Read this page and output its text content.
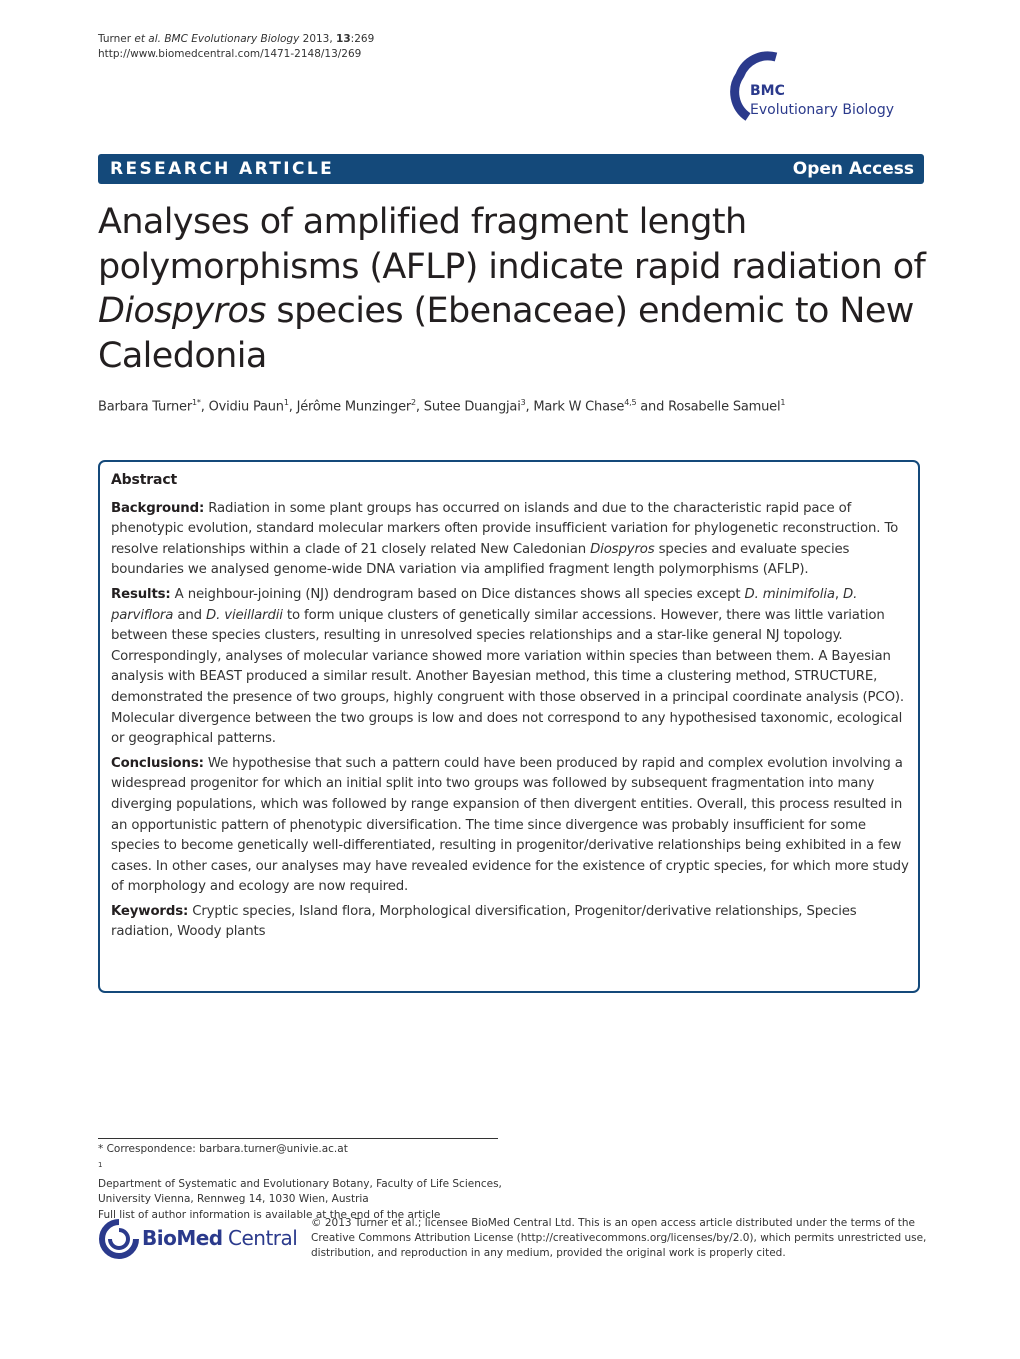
Turner et al. BMC Evolutionary Biology 2013, 13:269
http://www.biomedcentral.com/1471-2148/13/269
BMC
Evolutionary Biology
RESEARCH ARTICLE	Open Access
Analyses of amplified fragment length polymorphisms (AFLP) indicate rapid radiation of Diospyros species (Ebenaceae) endemic to New Caledonia
Barbara Turner$^{1*}$, Ovidiu Paun$^1$, Jérôme Munzinger$^2$, Sutee Duangjai$^3$, Mark W Chase$^{4,5}$ and Rosabelle Samuel$^1$
Abstract

Background: Radiation in some plant groups has occurred on islands and due to the characteristic rapid pace of phenotypic evolution, standard molecular markers often provide insufficient variation for phylogenetic reconstruction. To resolve relationships within a clade of 21 closely related New Caledonian Diospyros species and evaluate species boundaries we analysed genome-wide DNA variation via amplified fragment length polymorphisms (AFLP).

Results: A neighbour-joining (NJ) dendrogram based on Dice distances shows all species except D. minimifolia, D. parviflora and D. vieillardii to form unique clusters of genetically similar accessions. However, there was little variation between these species clusters, resulting in unresolved species relationships and a star-like general NJ topology. Correspondingly, analyses of molecular variance showed more variation within species than between them. A Bayesian analysis with BEAST produced a similar result. Another Bayesian method, this time a clustering method, STRUCTURE, demonstrated the presence of two groups, highly congruent with those observed in a principal coordinate analysis (PCO). Molecular divergence between the two groups is low and does not correspond to any hypothesised taxonomic, ecological or geographical patterns.

Conclusions: We hypothesise that such a pattern could have been produced by rapid and complex evolution involving a widespread progenitor for which an initial split into two groups was followed by subsequent fragmentation into many diverging populations, which was followed by range expansion of then divergent entities. Overall, this process resulted in an opportunistic pattern of phenotypic diversification. The time since divergence was probably insufficient for some species to become genetically well-differentiated, resulting in progenitor/derivative relationships being exhibited in a few cases. In other cases, our analyses may have revealed evidence for the existence of cryptic species, for which more study of morphology and ecology are now required.

Keywords: Cryptic species, Island flora, Morphological diversification, Progenitor/derivative relationships, Species radiation, Woody plants

* Correspondence: barbara.turner@univie.ac.at
$^1$
Department of Systematic and Evolutionary Botany, Faculty of Life Sciences,
University Vienna, Rennweg 14, 1030 Wien, Austria
Full list of author information is available at the end of the article
BioMed Central
© 2013 Turner et al.; licensee BioMed Central Ltd. This is an open access article distributed under the terms of the Creative Commons Attribution License (http://creativecommons.org/licenses/by/2.0), which permits unrestricted use, distribution, and reproduction in any medium, provided the original work is properly cited.
